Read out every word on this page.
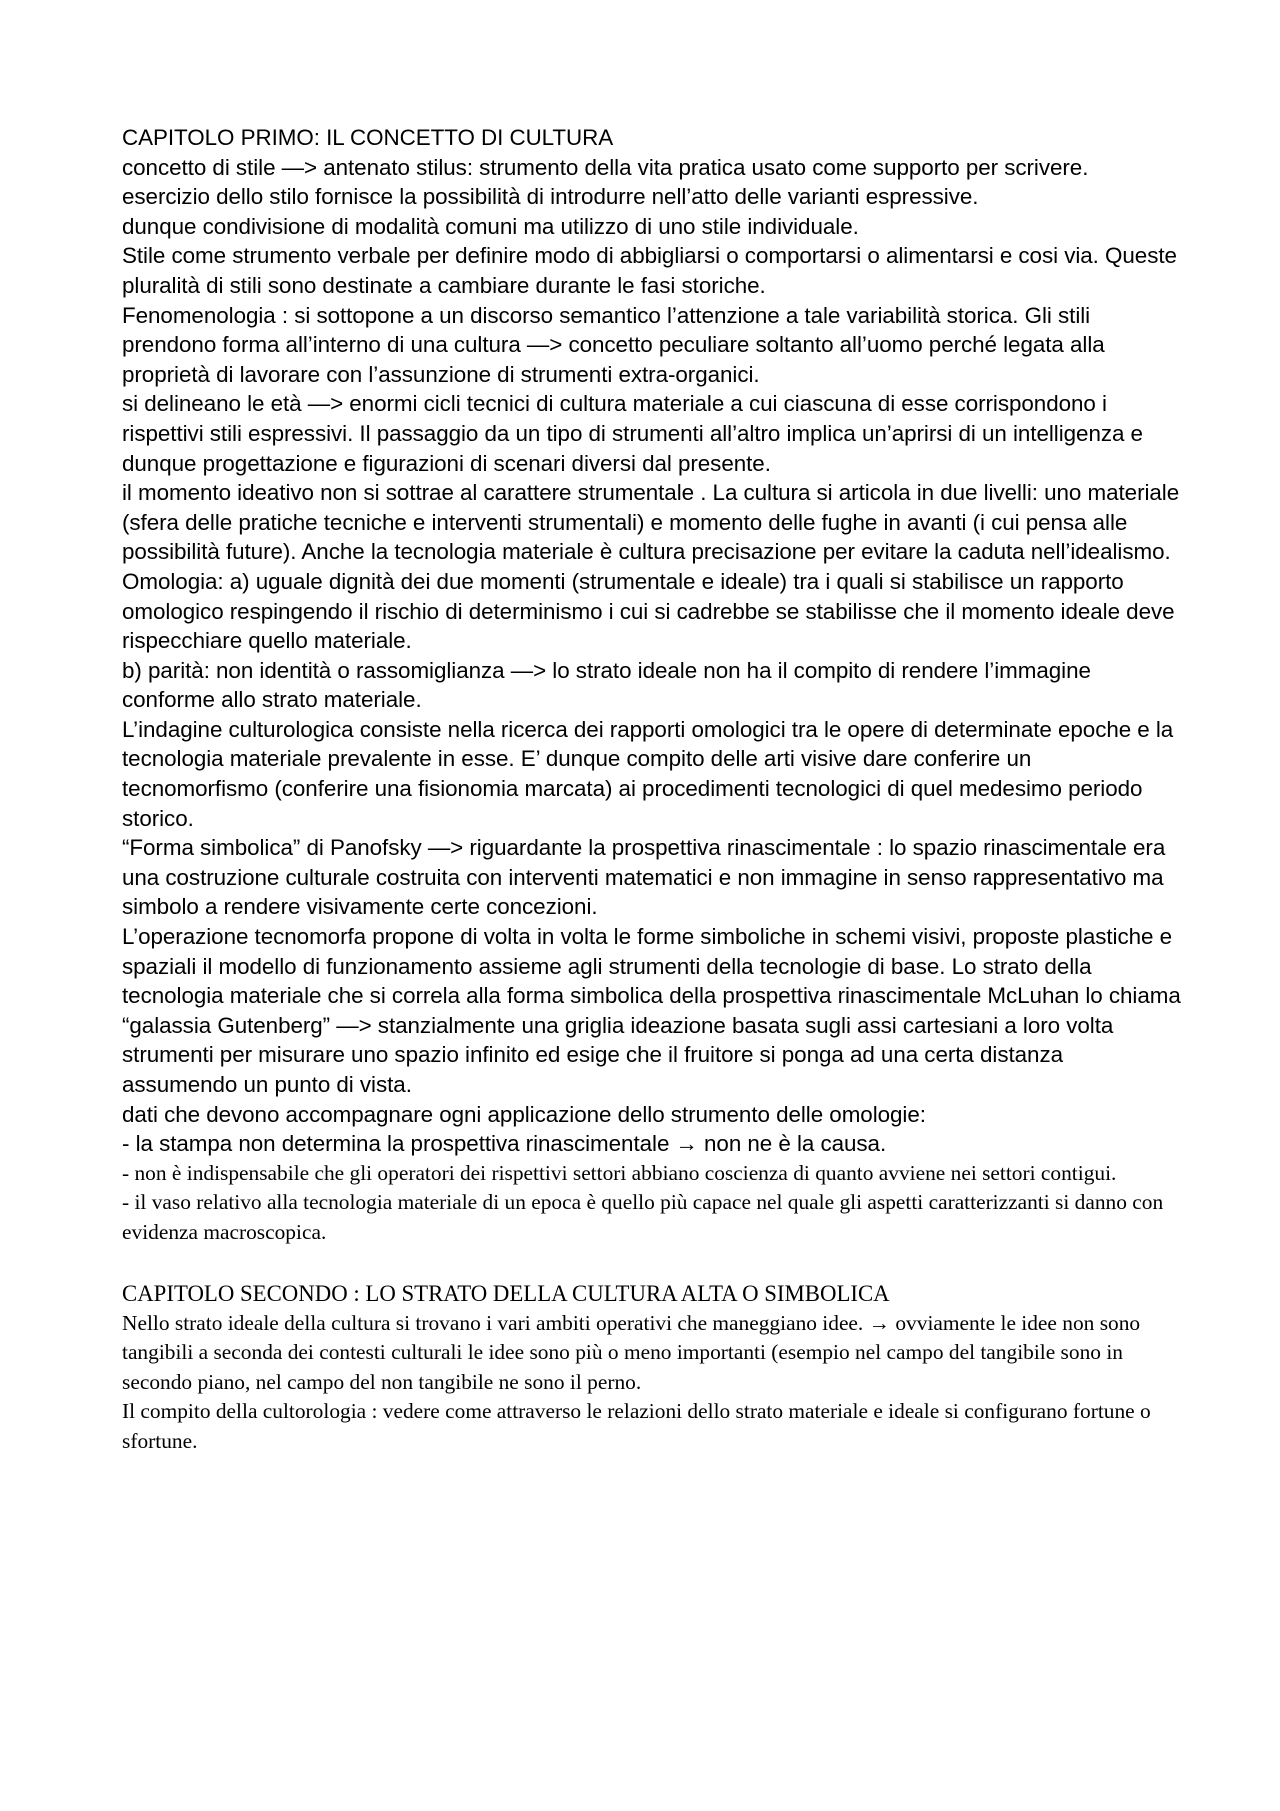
CAPITOLO PRIMO: IL CONCETTO DI CULTURA

concetto di stile —> antenato stilus: strumento della vita pratica usato come supporto per scrivere. esercizio dello stilo fornisce la possibilità di introdurre nell’atto delle varianti espressive.

dunque condivisione di modalità comuni ma utilizzo di uno stile individuale.

Stile come strumento verbale per definire modo di abbigliarsi o comportarsi o alimentarsi e cosi via. Queste pluralità di stili sono destinate a cambiare durante le fasi storiche.

Fenomenologia : si sottopone a un discorso semantico l’attenzione a tale variabilità storica. Gli stili prendono forma all’interno di una cultura —> concetto peculiare soltanto all’uomo perché legata alla proprietà di lavorare con l’assunzione di strumenti extra-organici.

si delineano le età —> enormi cicli tecnici di cultura materiale a cui ciascuna di esse corrispondono i rispettivi stili espressivi. Il passaggio da un tipo di strumenti all’altro implica un’aprirsi di un intelligenza e dunque progettazione e figurazioni di scenari diversi dal presente.

il momento ideativo non si sottrae al carattere strumentale . La cultura si articola in due livelli: uno materiale (sfera delle pratiche tecniche e interventi strumentali) e momento delle fughe in avanti (i cui pensa alle possibilità future). Anche la tecnologia materiale è cultura precisazione per evitare la caduta nell’idealismo.

Omologia: a) uguale dignità dei due momenti (strumentale e ideale) tra i quali si stabilisce un rapporto omologico respingendo il rischio di determinismo i cui si cadrebbe se stabilisse che il momento ideale deve rispecchiare quello materiale.

b) parità: non identità o rassomiglianza —> lo strato ideale non ha il compito di rendere l’immagine conforme allo strato materiale.

L’indagine culturologica consiste nella ricerca dei rapporti omologici tra le opere di determinate epoche e la tecnologia materiale prevalente in esse. E’ dunque compito delle arti visive dare conferire un tecnomorfismo (conferire una fisionomia marcata) ai procedimenti tecnologici di quel medesimo periodo storico.

“Forma simbolica” di Panofsky —> riguardante la prospettiva rinascimentale : lo spazio rinascimentale era una costruzione culturale costruita con interventi matematici e non immagine in senso rappresentativo ma simbolo a rendere visivamente certe concezioni.

L’operazione tecnomorfa propone di volta in volta le forme simboliche in schemi visivi, proposte plastiche e spaziali il modello di funzionamento assieme agli strumenti della tecnologie di base. Lo strato della tecnologia materiale che si correla alla forma simbolica della prospettiva rinascimentale McLuhan lo chiama “galassia Gutenberg” —> stanzialmente una griglia ideazione basata sugli assi cartesiani a loro volta strumenti per misurare uno spazio infinito ed esige che il fruitore si ponga ad una certa distanza assumendo un punto di vista.

dati che devono accompagnare ogni applicazione dello strumento delle omologie:

- la stampa non determina la prospettiva rinascimentale → non ne è la causa.

- non è indispensabile che gli operatori dei rispettivi settori abbiano coscienza di quanto avviene nei settori contigui.

- il vaso relativo alla tecnologia materiale di un epoca è quello più capace nel quale gli aspetti caratterizzanti si danno con evidenza macroscopica.

CAPITOLO SECONDO : LO STRATO DELLA CULTURA ALTA O SIMBOLICA

Nello strato ideale della cultura si trovano i vari ambiti operativi che maneggiano idee. → ovviamente le idee non sono tangibili a seconda dei contesti culturali le idee sono più o meno importanti (esempio nel campo del tangibile sono in secondo piano, nel campo del non tangibile ne sono il perno.

Il compito della cultorologia : vedere come attraverso le relazioni dello strato materiale e ideale si configurano fortune o sfortune.
